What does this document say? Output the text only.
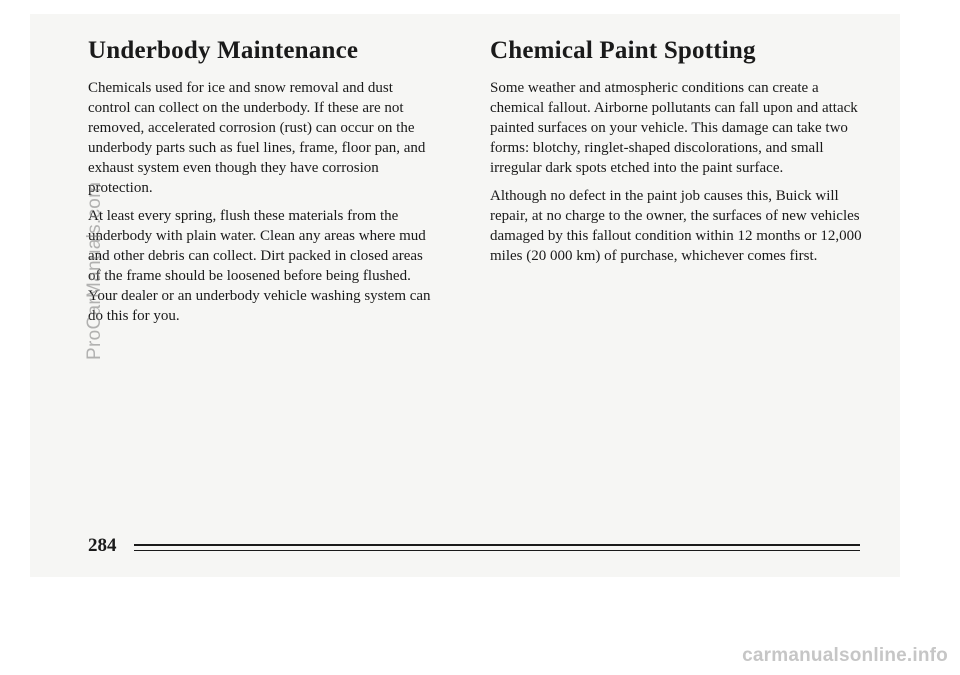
Underbody Maintenance

Chemicals used for ice and snow removal and dust control can collect on the underbody. If these are not removed, accelerated corrosion (rust) can occur on the underbody parts such as fuel lines, frame, floor pan, and exhaust system even though they have corrosion protection.

At least every spring, flush these materials from the underbody with plain water. Clean any areas where mud and other debris can collect. Dirt packed in closed areas of the frame should be loosened before being flushed. Your dealer or an underbody vehicle washing system can do this for you.

Chemical Paint Spotting

Some weather and atmospheric conditions can create a chemical fallout. Airborne pollutants can fall upon and attack painted surfaces on your vehicle. This damage can take two forms: blotchy, ringlet-shaped discolorations, and small irregular dark spots etched into the paint surface.

Although no defect in the paint job causes this, Buick will repair, at no charge to the owner, the surfaces of new vehicles damaged by this fallout condition within 12 months or 12,000 miles (20 000 km) of purchase, whichever comes first.

284
ProCarManuals.com
carmanualsonline.info
